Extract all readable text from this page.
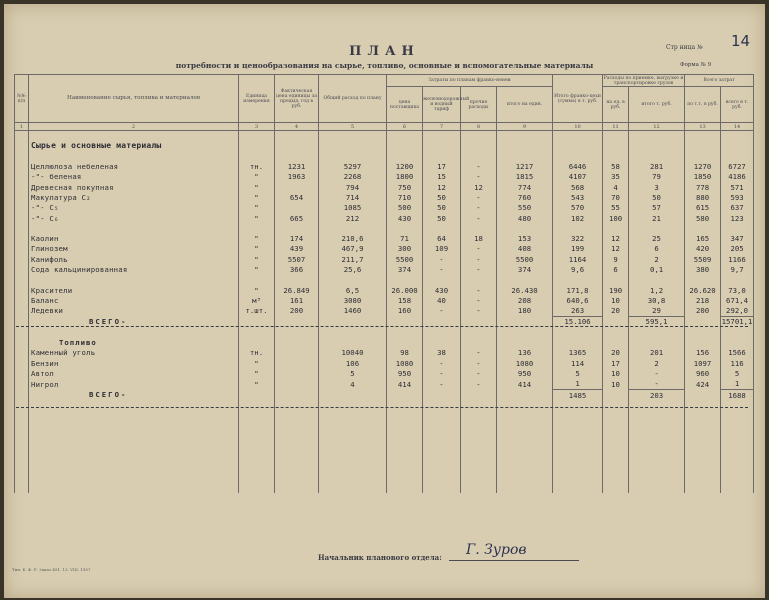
Стр ница № 14
ПЛАН
Форма № 9
потребности и ценообразования на сырье, топливо, основные и вспомогательные материалы
№№ п/п	Наименование сырья, топлива и материалов	Единица измерения	Фактическая цена единицы за предыд. год в руб.	Общий расход по плану	Затраты по планам франко-ненеи				Итого франко-цехи (сумма) в т. руб.	Расходы по приемке, выгрузке и транспортировке грузов		Всего затрат	
					цена поставщика	железнодорожный и водный тариф	прочие расходы	итого на един.		на ед. в руб.	итого т. руб.	по т.т. в руб.	всего в т. руб.
1	2	3	4	5	6	7	8	9	10	11	12	13	14

	Сырье и основные материалы												

	Целлюлоза небеленая	тн.	1231	5297	1200	17	-	1217	6446	58	281	1270	6727
	-"- беленая	"	1963	2268	1800	15	-	1815	4107	35	79	1850	4186
	Древесная покупная	"		794	750	12	12	774	568	4	3	778	571
	Макулатура С₂	"	654	714	710	50	-	760	543	70	50	880	593
	-"- С₅	"		1085	500	50	-	550	570	55	57	615	637
	-"- С₆	"	665	212	430	50	-	480	102	100	21	580	123

	Каолин	"	174	210,6	71	64	18	153	322	12	25	165	347
	Глинозем	"	439	467,9	300	109	-	408	199	12	6	420	205
	Канифоль	"	5507	211,7	5500	-	-	5500	1164	9	2	5509	1166
	Сода кальцинированная	"	366	25,6	374	-	-	374	9,6	6	0,1	380	9,7

	Красители	"	26.849	6,5	26.000	430	-	26.430	171,8	190	1,2	26.620	73,0
	Баланс	м³	161	3080	158	40	-	208	640,6	10	30,8	218	671,4
	Ледевки	т.шт.	200	1460	160	-	-	180	263	20	29	200	292,0
	ВСЕГО-								15.106		595,1		15701,1

	Топливо												
	Каменный уголь	тн.		10040	98	38	-	136	1365	20	201	156	1566
	Бензин	"		106	1080	-	-	1080	114	17	2	1097	116
	Автол	"		5	950	-	-	950	5	10	-	960	5
	Нигрол	"		4	414	-	-	414	1	10	-	424	1
	ВСЕГО-								1485		203		1688

Начальник планового отдела: Г. Зуров
Тип. Б. Ф. Р. Заказ 491. 13. VIII. 1957
